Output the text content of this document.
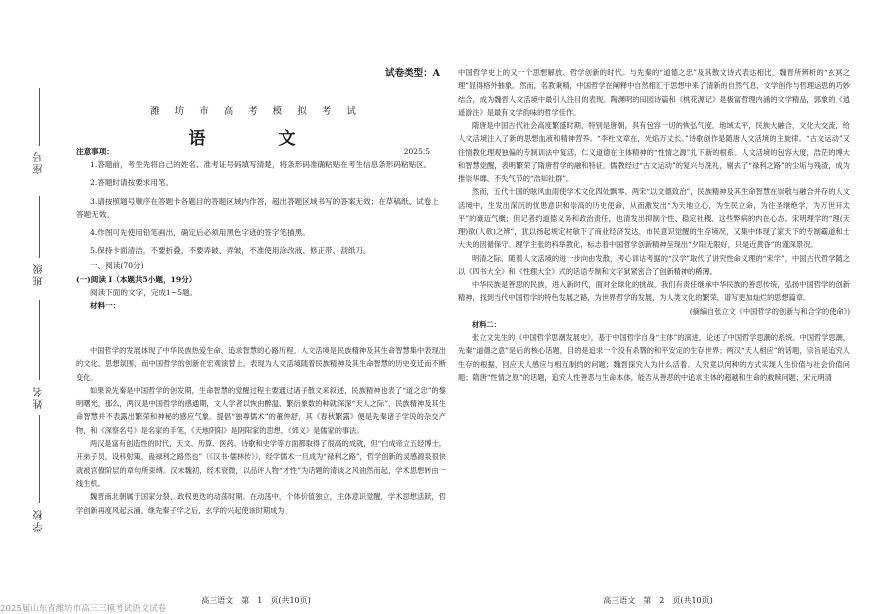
座号
班级
姓名
学校
试卷类型：A
潍 坊 市 高 考 模 拟 考 试
语　文
2025.5

注意事项：

1.答题前，考生先将自己的姓名、准考证号码填写清楚，将条形码准确粘贴在考生信息条形码粘贴区。

2.答题时请按要求用笔。

3.请按照题号顺序在答题卡各题目的答题区域内作答，超出答题区域书写的答案无效；在草稿纸、试卷上答题无效。

4.作图可先使用铅笔画出，确定后必须用黑色字迹的签字笔描黑。

5.保持卡面清洁，不要折叠，不要弄破、弄皱，不准使用涂改液、修正带、刮纸刀。

一、阅读(70分)

(一)阅读 I（本题共5小题，19分）

阅读下面的文字，完成1~5题。

材料一：

中国哲学的发展体现了中华民族热爱生命、追求智慧的心路历程。人文活境是民族精神及其生命智慧集中表现出的文化、思想氛围，而中国哲学的创新在宏观演替上，表现为人文活境随着民族精神及其生命智慧的历史变迁而不断变化。

如果说先秦是中国哲学的创发期，生命智慧的觉醒过程主要通过诸子散文来叙述，民族精神也表了“道之忠”的黎明曙光，那么，两汉是中国哲学的感通期，文人学者以恢由醉温、繁衍象数的种就深深“天人之际”，民族精神及其生命智慧并不表露出繁荣和神秘的感应气象。提倡“独尊儒术”的董仲舒，其《春秋繁露》便是先秦诸子学说的杂交产物，和《深察名号》是名家的手笔，《天地阴阳》是阴阳家的思想，《郊义》是儒家的事法。

两汉是富有创造性的时代，天文、历算、医药、诗歌和史学等方面都取得了很高的成就，但“白成帝立五经博士，开弟子员，设科射策，蛊禄利之路然也”（《汉书·儒林传》），经学儒术一旦成为“禄利之路”，哲学创新的灵感源泉很快就被官僚阶层的章句所束缚。汉末魏初，经术衰微，以品评人物“才性”为话题的清谈之风油然而起，学术思想转由一线生机。

魏晋南北朝属于国家分裂、政权更迭的动荡时期。在动荡中，个体价值独立，主体意识觉醒，学术思想活跃，哲学创新再度风起云涌。继先秦子学之后，玄学的兴起使该时期成为

高三语文　第　1　页(共10页)

中国哲学史上的又一个思想解放、哲学创新的时代。与先秦的“道德之忠”及其散文诗式表达相比，魏晋所辨析的“玄冥之理”显得格外抽象。然而，名教秉精，中国哲学在阐释中自然相汇于思想中来了清新的自然气息，文学创作与哲理运思的巧妙结合，成为魏晋人文活境中最引人注目的表现。陶渊明的田园诗篇和《桃花源记》是极富哲理内涵的文学精品，郭象的《逍遥游注》是最有文学韵味的哲学佳作。

隋唐是中国古代社会高度繁盛时期，特别是唐朝，具有包容一切的恢弘气度。地域太平，民族大融合，文化大交流，给人文活境注入了新的思想血液和精神营养。“李杜文章在，光焰万丈长。”诗歌创作是随唐人文活境的主旋律。“古文运动”又往情教化理观独偏的专制训法中复活，仁义道德在主体精神的“性情之源”扎下新的根系。人文活境的包容大度，浩茫的博大和智慧觉醒，表明繁荣了隋唐哲学的融和特征。儒教经过“古文运动”的复兴与洗礼，剔去了“禄利之路”的尘垢与残渣，成为推崇华靡、不失气节的“浩知社群”。

然而，五代十国的眩风血雨使学术文化四处飘零。两宋“以文德致治”，民族精神及其生命智慧在崇敬与融合并存的人文活境中，生发出深沉的忧患意识和崇高的历史使命，从而激发出“为天地立心，为生民立命，为往圣继绝学，为万世开太平”的豪迈气概；但记者约道德义务和政治责任，也清发出抑制个性、稳定社稷、这些弊病的内在心态。宋明理学的“理(天理)欲(人欲)之辨”，犹以扬起规定衬敏下了商业经济发达、市民意识觉醒的生存境况，又集中体现了家天下的专制霸道和士大夫的因循保守。理学主张的科举教化，标志着中国哲学创新精神呈现出“夕阳无限好，只是近黄昏”的谨深景况。

明清之际，随着人文活境的进一步向由发散，考心训诂考据的“汉学”取代了讲究性命义理的“宋学”，中国古代哲学随之以《四书大全》和《性理大全》式的话语专制和文字狱紧密合了创新精神的稀薄。

中华民族是善思的民族，进入新时代，面对全球化的挑战，我们有责任继承中华民族的善思传统，弘扬中国哲学的创新精神，找到当代中国哲学的特色发展之路，为世界哲学的发展，为人类文化的繁荣，谱写更加灿烂的思想篇章。

(摘编自张立文《中国哲学的创新与和合学的使命》)

材料二：

张立文先生的《中国哲学思潮发展史》，基于中国哲学自身“主体”的演进，论述了中国哲学思潮的系统。中国哲学思潮，先秦“道德之意”是后的核心话题，目的是追求一个没有杀戮的和平安定的生存世界；两汉“天人相应”的话题，宗旨是追究人生存的根据，回应天人感应与相互制约的问题；魏晋探究人为什么活着、人究竟以何种的方式实现人生价值与社会价值问题；隋唐“性情之原”的话题，追究人性善恶与生命本体，能否从善恶的中追求主体的超越和生命的救赎问题；宋元明清

高三语文　第　2　页(共10页)
2025届山东省潍坊市高三三模考试语文试卷
